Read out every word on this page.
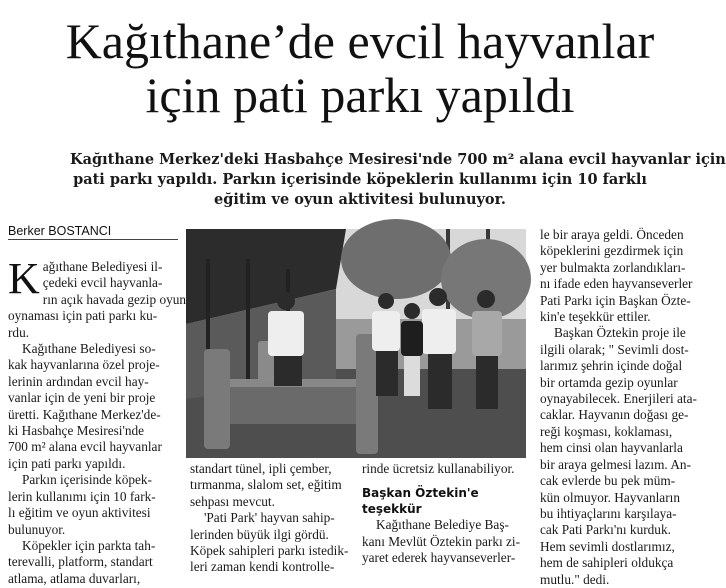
Kağıthane’de evcil hayvanlar
için pati parkı yapıldı
Kağıthane Merkez'deki Hasbahçe Mesiresi'nde 700 m² alana evcil hayvanlar için
pati parkı yapıldı. Parkın içerisinde köpeklerin kullanımı için 10 farklı
eğitim ve oyun aktivitesi bulunuyor.
Berker BOSTANCI
K ağıthane Belediyesi il-
çedeki evcil hayvanla-
rın açık havada gezip oyun
oynaması için pati parkı ku-
rdu.
Kağıthane Belediyesi so-
kak hayvanlarına özel proje-
lerinin ardından evcil hay-
vanlar için de yeni bir proje
üretti. Kağıthane Merkez'de-
ki Hasbahçe Mesiresi'nde
700 m² alana evcil hayvanlar
için pati parkı yapıldı.
Parkın içerisinde köpek-
lerin kullanımı için 10 fark-
lı eğitim ve oyun aktivitesi
bulunuyor.
Köpekler için parkta tah-
terevalli, platform, standart
atlama, atlama duvarları,
standart tünel, ipli çember,
tırmanma, slalom set, eğitim
sehpası mevcut.
'Pati Park' hayvan sahip-
lerinden büyük ilgi gördü.
Köpek sahipleri parkı istedik-
leri zaman kendi kontrolle-
rinde ücretsiz kullanabiliyor.
Başkan Öztekin'e
teşekkür
Kağıthane Belediye Baş-
kanı Mevlüt Öztekin parkı zi-
yaret ederek hayvanseverler-
le bir araya geldi. Önceden
köpeklerini gezdirmek için
yer bulmakta zorlandıkları-
nı ifade eden hayvanseverler
Pati Parkı için Başkan Özte-
kin'e teşekkür ettiler.
Başkan Öztekin proje ile
ilgili olarak; " Sevimli dost-
larımız şehrin içinde doğal
bir ortamda gezip oyunlar
oynayabilecek. Enerjileri ata-
caklar. Hayvanın doğası ge-
reği koşması, koklaması,
hem cinsi olan hayvanlarla
bir araya gelmesi lazım. An-
cak evlerde bu pek müm-
kün olmuyor. Hayvanların
bu ihtiyaçlarını karşılaya-
cak Pati Parkı'nı kurduk.
Hem sevimli dostlarımız,
hem de sahipleri oldukça
mutlu." dedi.
